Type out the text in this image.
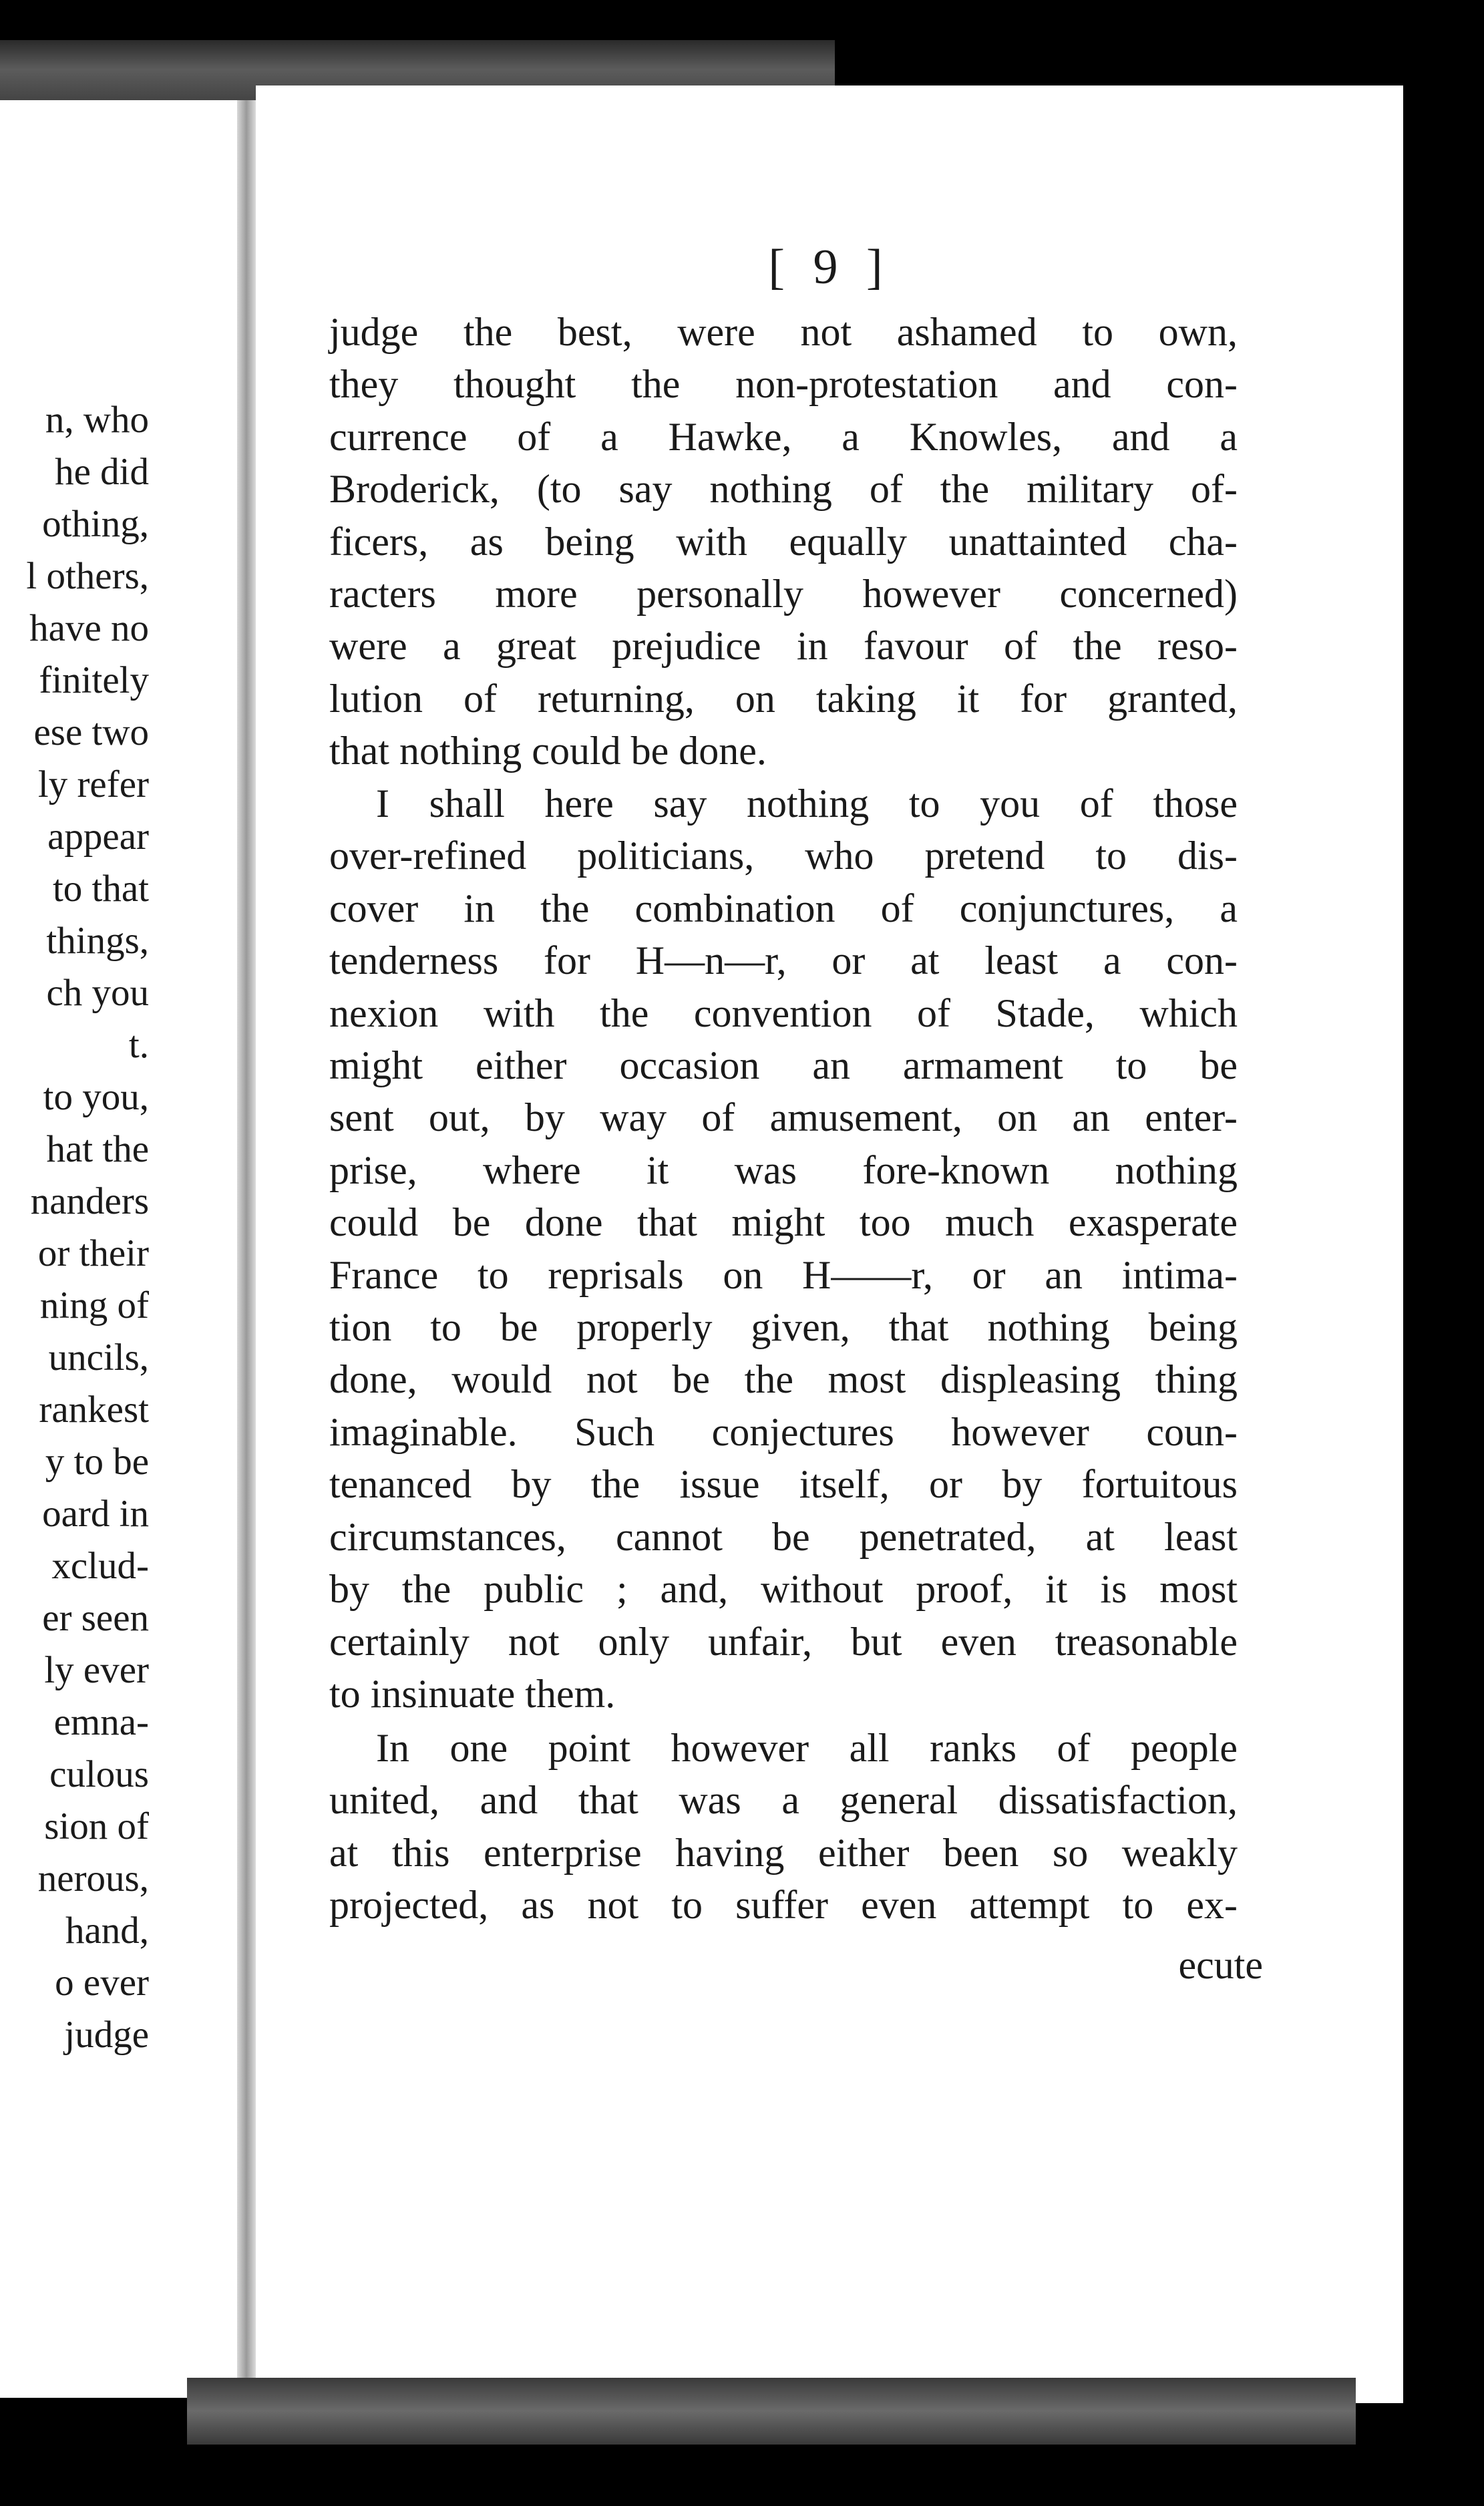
n, who
he did
othing,
l others,
have no
finitely
ese two
ly refer
appear
to that
things,
ch you
t.
to you,
hat the
nanders
or their
ning of
uncils,
rankest
y to be
oard in
xclud-
er seen
ly ever
emna-
culous
sion of
nerous,
hand,
o ever
judge
[ 9 ]
judge the best, were not ashamed to own,
they thought the non-protestation and con-
currence of a Hawke, a Knowles, and a
Broderick, (to say nothing of the military of-
ficers, as being with equally unattainted cha-
racters more personally however concerned)
were a great prejudice in favour of the reso-
lution of returning, on taking it for granted,
that nothing could be done.
I shall here say nothing to you of those
over-refined politicians, who pretend to dis-
cover in the combination of conjunctures, a
tenderness for H—n—r, or at least a con-
nexion with the convention of Stade, which
might either occasion an armament to be
sent out, by way of amusement, on an enter-
prise, where it was fore-known nothing
could be done that might too much exasperate
France to reprisals on H——r, or an intima-
tion to be properly given, that nothing being
done, would not be the most displeasing thing
imaginable. Such conjectures however coun-
tenanced by the issue itself, or by fortuitous
circumstances, cannot be penetrated, at least
by the public ; and, without proof, it is most
certainly not only unfair, but even treasonable
to insinuate them.
In one point however all ranks of people
united, and that was a general dissatisfaction,
at this enterprise having either been so weakly
projected, as not to suffer even attempt to ex-
ecute
